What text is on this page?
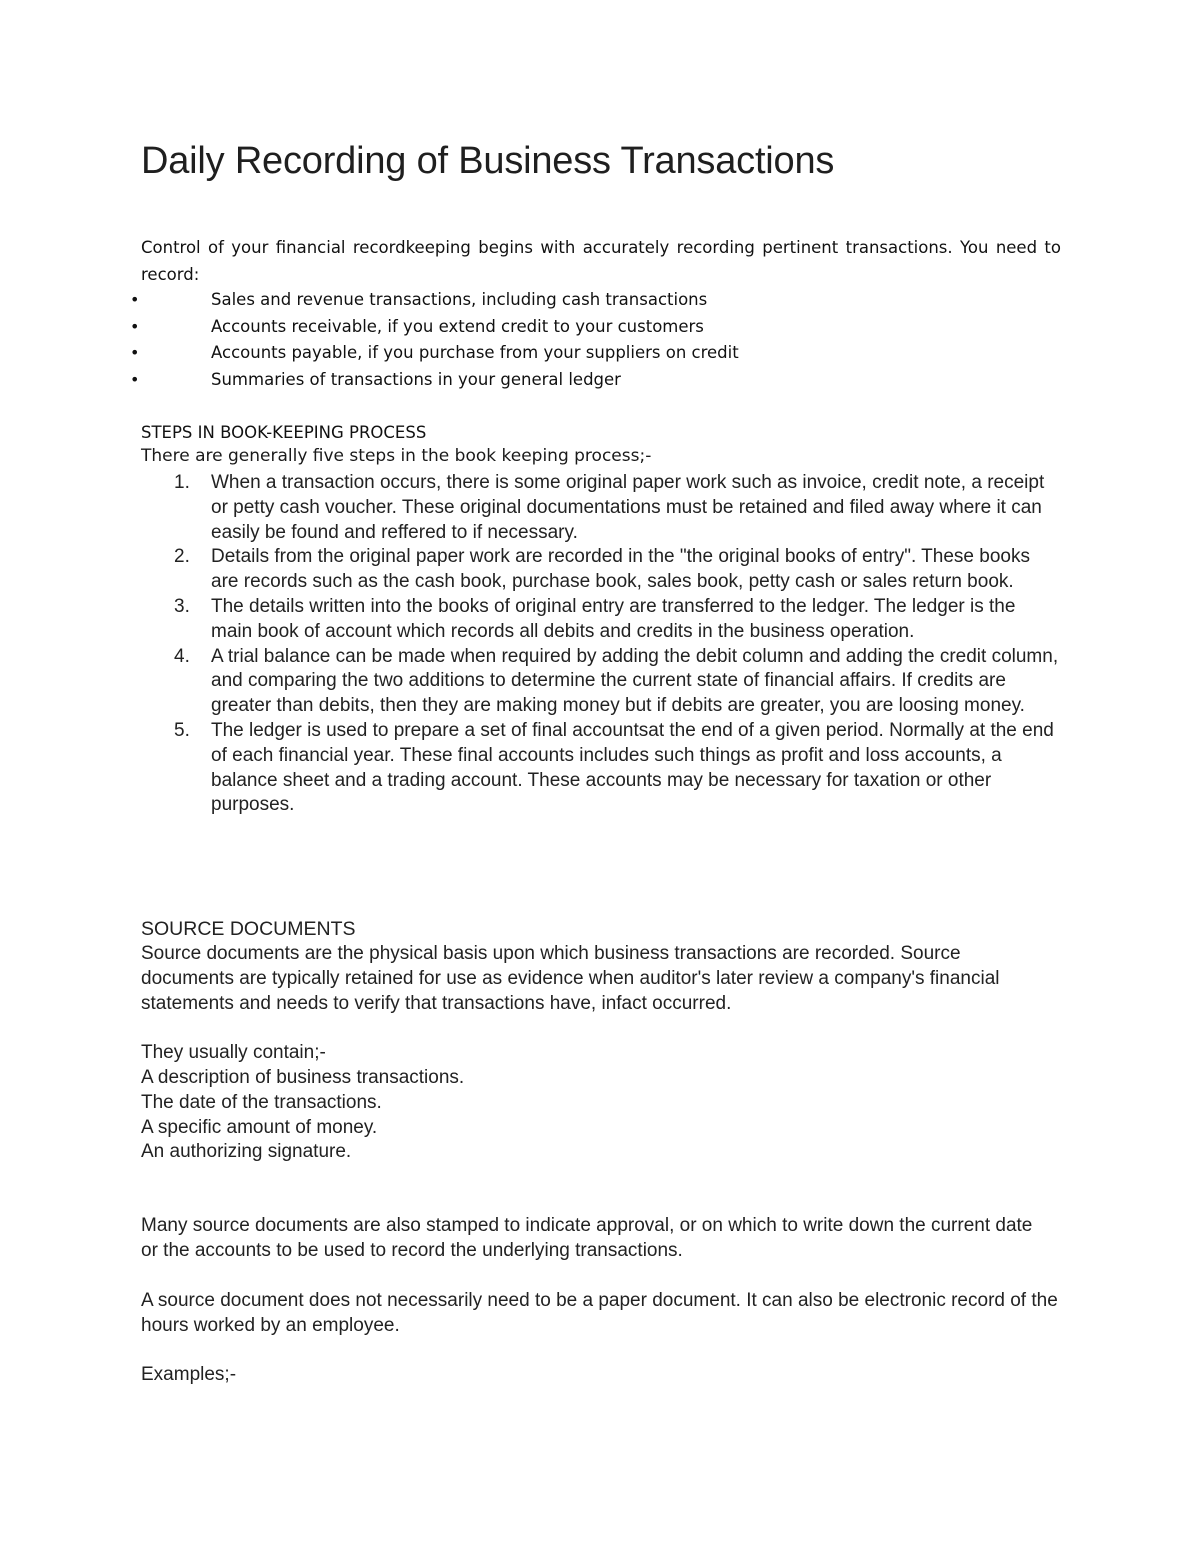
Daily Recording of Business Transactions

Control of your financial recordkeeping begins with accurately recording pertinent transactions. You need to record:

•	Sales and revenue transactions, including cash transactions
•	Accounts receivable, if you extend credit to your customers
•	Accounts payable, if you purchase from your suppliers on credit
•	Summaries of transactions in your general ledger

STEPS IN BOOK-KEEPING PROCESS

There are generally five steps in the book keeping process;-

1.	When a transaction occurs, there is some original paper work such as invoice, credit note, a receipt or petty cash voucher. These original documentations must be retained and filed away where it can easily be found and reffered to if necessary.
2.	Details from the original paper work are recorded in the "the original books of entry". These books are records such as the cash book, purchase book, sales book, petty cash or sales return book.
3.	The details written into the books of original entry are transferred to the ledger. The ledger is the main book of account which records all debits and credits in the business operation.
4.	A trial balance can be made when required by adding the debit column and adding the credit column, and comparing the two additions to determine the current state of financial affairs. If credits are greater than debits, then they are making money but if debits are greater, you are loosing money.
5.	The ledger is used to prepare a set of final accountsat the end of a given period. Normally at the end of each financial year. These final accounts includes such things as profit and loss accounts, a balance sheet and a trading account. These accounts may be necessary for taxation or other purposes.

SOURCE DOCUMENTS

Source documents are the physical basis upon which business transactions are recorded. Source documents are typically retained for use as evidence when auditor's later review a company's financial statements and needs to verify that transactions have, infact occurred.

They usually contain;-

A description of business transactions.
The date of the transactions.
A specific amount of money.
An authorizing signature.

Many source documents are also stamped to indicate approval, or on which to write down the current date or the accounts to be used to record the underlying transactions.

A source document does not necessarily need to be a paper document. It can also be electronic record of the hours worked by an employee.

Examples;-
